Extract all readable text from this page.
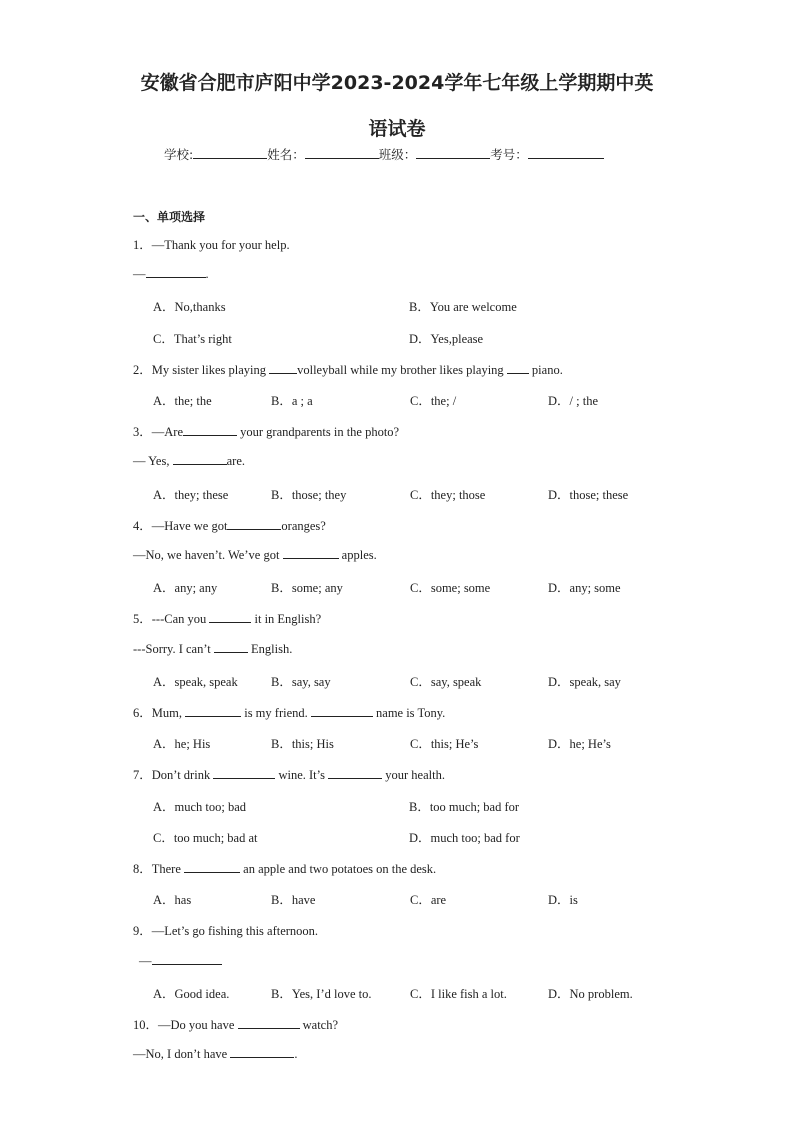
安徽省合肥市庐阳中学2023-2024学年七年级上学期期中英
语试卷
学校:	姓名：	班级：	考号：
一、单项选择
1．—Thank you for your help.
—	.
A．No,thanks	B．You are welcome
C．That’s right	D．Yes,please
2．My sister likes playing volleyball while my brother likes playing  piano.
A．the; the	B．a ; a	C．the; /	D．/ ; the
3．—Are	your grandparents in the photo?
— Yes,	are.
A．they; these	B．those; they	C．they; those	D．those; these
4．—Have we got	oranges?
—No, we haven’t. We’ve got	apples.
A．any; any	B．some; any	C．some; some	D．any; some
5．---Can you	it in English?
---Sorry. I can’t	English.
A．speak, speak	B．say, say	C．say, speak	D．speak, say
6．Mum,	is my friend.	name is Tony.
A．he; His	B．this; His	C．this; He’s	D．he; He’s
7．Don’t drink	wine. It’s	your health.
A．much too; bad	B．too much; bad for
C．too much; bad at	D．much too; bad for
8．There	an apple and two potatoes on the desk.
A．has	B．have	C．are	D．is
9．—Let’s go fishing this afternoon.
—
A．Good idea.	B．Yes, I’d love to.	C．I like fish a lot.	D．No problem.
10．—Do you have	watch?
—No, I don’t have	.
